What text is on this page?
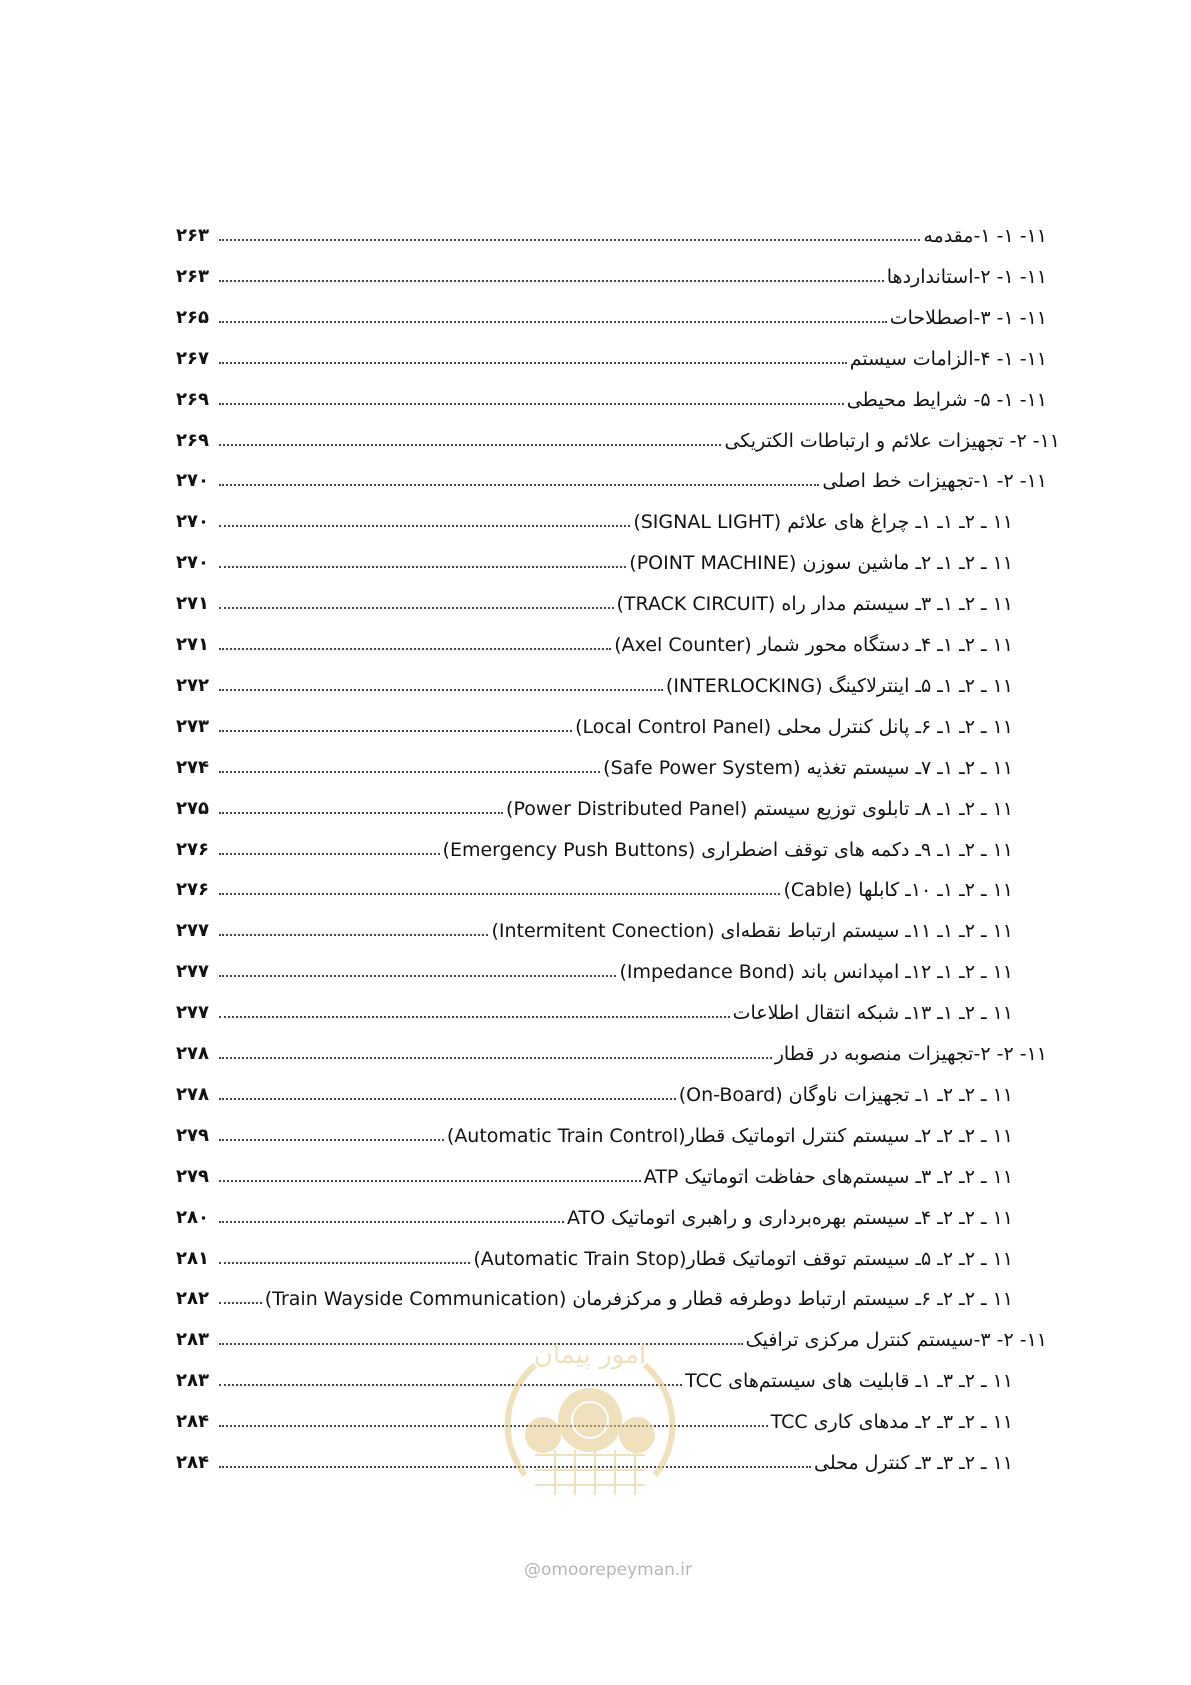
۱۱- ۱- ۱-مقدمه
۲۶۳
۱۱- ۱- ۲-استانداردها
۲۶۳
۱۱- ۱- ۳-اصطلاحات
۲۶۵
۱۱- ۱- ۴-الزامات سیستم
۲۶۷
۱۱- ۱- ۵- شرایط محیطی
۲۶۹
۱۱- ۲- تجهیزات علائم و ارتباطات الکتریکی
۲۶۹
۱۱- ۲- ۱-تجهیزات خط اصلی
۲۷۰
۱۱ ـ ۲ـ ۱ـ ۱ـ چراغ های علائم (SIGNAL LIGHT)
۲۷۰
۱۱ ـ ۲ـ ۱ـ ۲ـ ماشین سوزن (POINT MACHINE)
۲۷۰
۱۱ ـ ۲ـ ۱ـ ۳ـ سیستم مدار راه (TRACK CIRCUIT)
۲۷۱
۱۱ ـ ۲ـ ۱ـ ۴ـ دستگاه محور شمار (Axel Counter)
۲۷۱
۱۱ ـ ۲ـ ۱ـ ۵ـ اینترلاکینگ (INTERLOCKING)
۲۷۲
۱۱ ـ ۲ـ ۱ـ ۶ـ پانل کنترل محلی (Local Control Panel)
۲۷۳
۱۱ ـ ۲ـ ۱ـ ۷ـ سیستم تغذیه (Safe Power System)
۲۷۴
۱۱ ـ ۲ـ ۱ـ ۸ـ تابلوی توزیع سیستم (Power Distributed Panel)
۲۷۵
۱۱ ـ ۲ـ ۱ـ ۹ـ دکمه های توقف اضطراری (Emergency Push Buttons)
۲۷۶
۱۱ ـ ۲ـ ۱ـ ۱۰ـ کابلها (Cable)
۲۷۶
۱۱ ـ ۲ـ ۱ـ ۱۱ـ سیستم ارتباط نقطه‌ای (Intermitent Conection)
۲۷۷
۱۱ ـ ۲ـ ۱ـ ۱۲ـ امپدانس باند (Impedance Bond)
۲۷۷
۱۱ ـ ۲ـ ۱ـ ۱۳ـ شبکه انتقال اطلاعات
۲۷۷
۱۱- ۲- ۲-تجهیزات منصوبه در قطار
۲۷۸
۱۱ ـ ۲ـ ۲ـ ۱ـ تجهیزات ناوگان (On-Board)
۲۷۸
۱۱ ـ ۲ـ ۲ـ ۲ـ سیستم کنترل اتوماتیک قطار(Automatic Train Control)
۲۷۹
۱۱ ـ ۲ـ ۲ـ ۳ـ سیستم‌های حفاظت اتوماتیک ATP
۲۷۹
۱۱ ـ ۲ـ ۲ـ ۴ـ سیستم بهره‌برداری و راهبری اتوماتیک ATO
۲۸۰
۱۱ ـ ۲ـ ۲ـ ۵ـ سیستم توقف اتوماتیک قطار(Automatic Train Stop)
۲۸۱
۱۱ ـ ۲ـ ۲ـ ۶ـ سیستم ارتباط دوطرفه قطار و مرکزفرمان (Train Wayside Communication)
۲۸۲
۱۱- ۲- ۳-سیستم کنترل مرکزی ترافیک
۲۸۳
۱۱ ـ ۲ـ ۳ـ ۱ـ قابلیت های سیستم‌های TCC
۲۸۳
۱۱ ـ ۲ـ ۳ـ ۲ـ مدهای کاری TCC
۲۸۴
۱۱ ـ ۲ـ ۳ـ ۳ـ کنترل محلی
۲۸۴
امور پیمان
@omoorepeyman.ir
